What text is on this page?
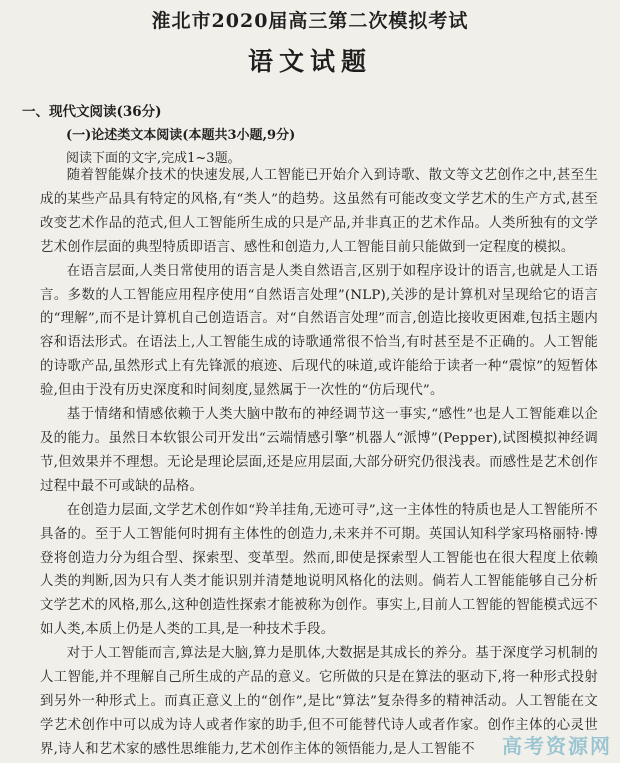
淮北市2020届高三第二次模拟考试
语文试题
一、现代文阅读(36分)
(一)论述类文本阅读(本题共3小题,9分)
阅读下面的文字,完成1~3题。

随着智能媒介技术的快速发展,人工智能已开始介入到诗歌、散文等文艺创作之中,甚至生成的某些产品具有特定的风格,有“类人”的趋势。这虽然有可能改变文学艺术的生产方式,甚至改变艺术作品的范式,但人工智能所生成的只是产品,并非真正的艺术作品。人类所独有的文学艺术创作层面的典型特质即语言、感性和创造力,人工智能目前只能做到一定程度的模拟。

在语言层面,人类日常使用的语言是人类自然语言,区别于如程序设计的语言,也就是人工语言。多数的人工智能应用程序使用“自然语言处理”(NLP),关涉的是计算机对呈现给它的语言的“理解”,而不是计算机自己创造语言。对“自然语言处理”而言,创造比接收更困难,包括主题内容和语法形式。在语法上,人工智能生成的诗歌通常很不恰当,有时甚至是不正确的。人工智能的诗歌产品,虽然形式上有先锋派的痕迹、后现代的味道,或许能给于读者一种“震惊”的短暂体验,但由于没有历史深度和时间刻度,显然属于一次性的“仿后现代”。

基于情绪和情感依赖于人类大脑中散布的神经调节这一事实,“感性”也是人工智能难以企及的能力。虽然日本软银公司开发出“云端情感引擎”机器人“派博”(Pepper),试图模拟神经调节,但效果并不理想。无论是理论层面,还是应用层面,大部分研究仍很浅表。而感性是艺术创作过程中最不可或缺的品格。

在创造力层面,文学艺术创作如“羚羊挂角,无迹可寻”,这一主体性的特质也是人工智能所不具备的。至于人工智能何时拥有主体性的创造力,未来并不可期。英国认知科学家玛格丽特·博登将创造力分为组合型、探索型、变革型。然而,即使是探索型人工智能也在很大程度上依赖人类的判断,因为只有人类才能识别并清楚地说明风格化的法则。倘若人工智能能够自己分析文学艺术的风格,那么,这种创造性探索才能被称为创作。事实上,目前人工智能的智能模式远不如人类,本质上仍是人类的工具,是一种技术手段。

对于人工智能而言,算法是大脑,算力是肌体,大数据是其成长的养分。基于深度学习机制的人工智能,并不理解自己所生成的产品的意义。它所做的只是在算法的驱动下,将一种形式投射到另外一种形式上。而真正意义上的“创作”,是比“算法”复杂得多的精神活动。人工智能在文学艺术创作中可以成为诗人或者作家的助手,但不可能替代诗人或者作家。创作主体的心灵世界,诗人和艺术家的感性思维能力,艺术创作主体的领悟能力,是人工智能不	高考资源网
